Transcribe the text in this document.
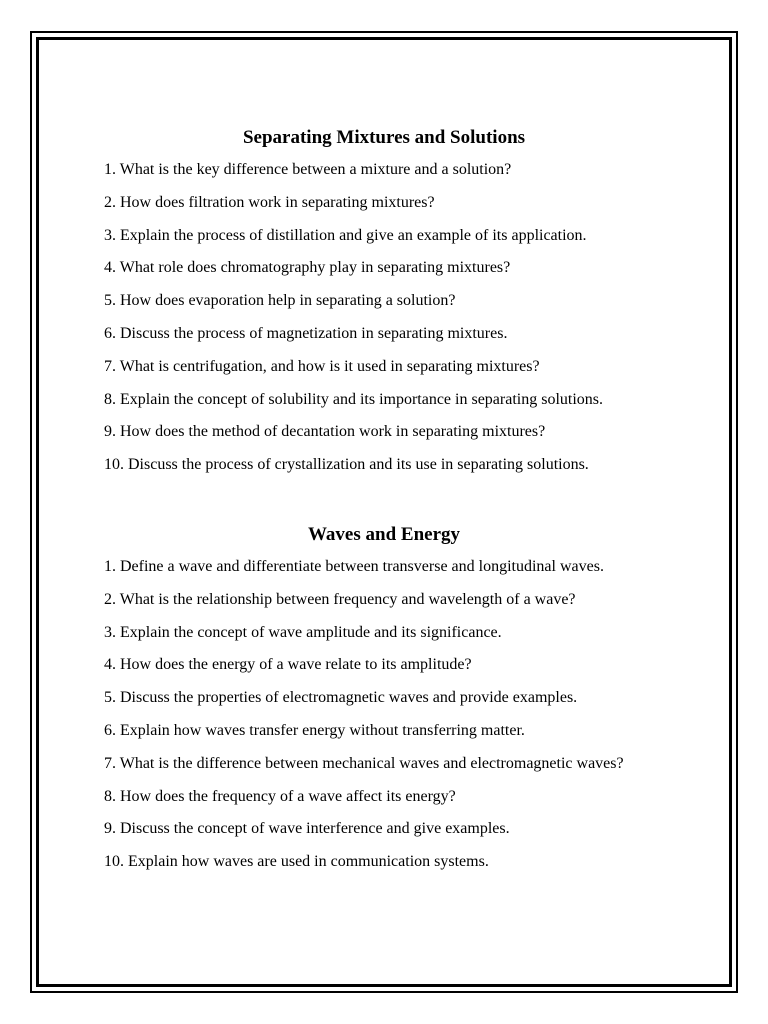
Separating Mixtures and Solutions
1. What is the key difference between a mixture and a solution?
2. How does filtration work in separating mixtures?
3. Explain the process of distillation and give an example of its application.
4. What role does chromatography play in separating mixtures?
5. How does evaporation help in separating a solution?
6. Discuss the process of magnetization in separating mixtures.
7. What is centrifugation, and how is it used in separating mixtures?
8. Explain the concept of solubility and its importance in separating solutions.
9. How does the method of decantation work in separating mixtures?
10. Discuss the process of crystallization and its use in separating solutions.
Waves and Energy
1. Define a wave and differentiate between transverse and longitudinal waves.
2. What is the relationship between frequency and wavelength of a wave?
3. Explain the concept of wave amplitude and its significance.
4. How does the energy of a wave relate to its amplitude?
5. Discuss the properties of electromagnetic waves and provide examples.
6. Explain how waves transfer energy without transferring matter.
7. What is the difference between mechanical waves and electromagnetic waves?
8. How does the frequency of a wave affect its energy?
9. Discuss the concept of wave interference and give examples.
10. Explain how waves are used in communication systems.
